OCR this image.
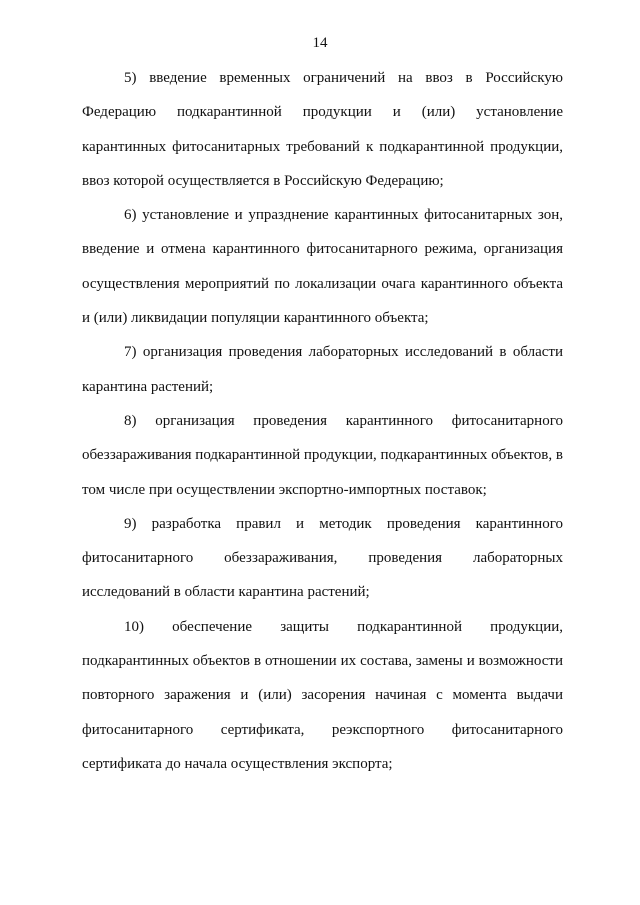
14
5) введение временных ограничений на ввоз в Российскую
Федерацию подкарантинной продукции и (или) установление
карантинных фитосанитарных требований к подкарантинной продукции,
ввоз которой осуществляется в Российскую Федерацию;
6) установление и упразднение карантинных фитосанитарных зон,
введение и отмена карантинного фитосанитарного режима, организация
осуществления мероприятий по локализации очага карантинного объекта
и (или) ликвидации популяции карантинного объекта;
7) организация проведения лабораторных исследований в области
карантина растений;
8) организация проведения карантинного фитосанитарного
обеззараживания подкарантинной продукции, подкарантинных объектов, в
том числе при осуществлении экспортно-импортных поставок;
9) разработка правил и методик проведения карантинного
фитосанитарного обеззараживания, проведения лабораторных
исследований в области карантина растений;
10) обеспечение защиты подкарантинной продукции,
подкарантинных объектов в отношении их состава, замены и возможности
повторного заражения и (или) засорения начиная с момента выдачи
фитосанитарного сертификата, реэкспортного фитосанитарного
сертификата до начала осуществления экспорта;
